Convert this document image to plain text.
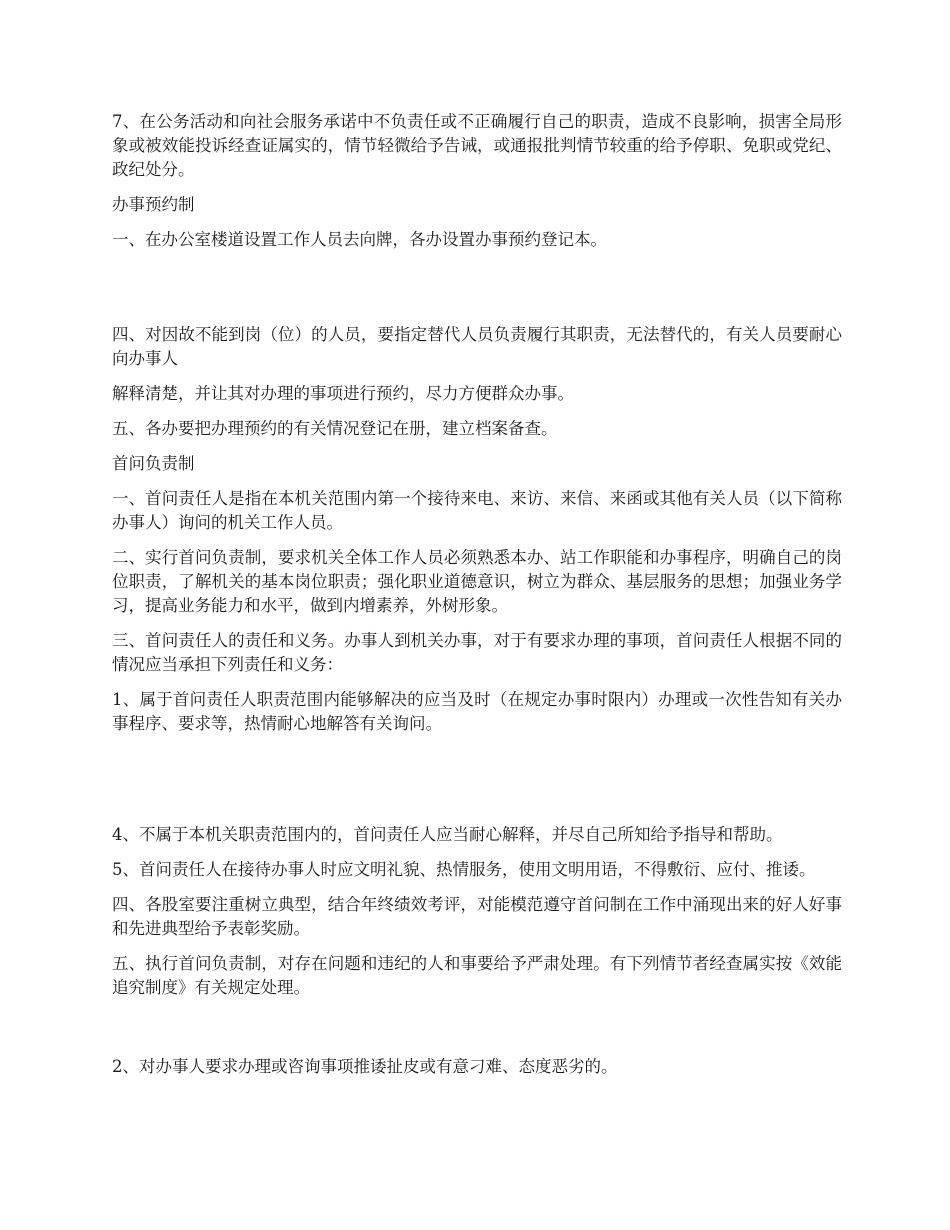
7、在公务活动和向社会服务承诺中不负责任或不正确履行自己的职责，造成不良影响，损害全局形象或被效能投诉经查证属实的，情节轻微给予告诫，或通报批判情节较重的给予停职、免职或党纪、政纪处分。

办事预约制

一、在办公室楼道设置工作人员去向牌，各办设置办事预约登记本。

四、对因故不能到岗（位）的人员，要指定替代人员负责履行其职责，无法替代的，有关人员要耐心向办事人

解释清楚，并让其对办理的事项进行预约，尽力方便群众办事。

五、各办要把办理预约的有关情况登记在册，建立档案备查。

首问负责制

一、首问责任人是指在本机关范围内第一个接待来电、来访、来信、来函或其他有关人员（以下简称办事人）询问的机关工作人员。

二、实行首问负责制，要求机关全体工作人员必须熟悉本办、站工作职能和办事程序，明确自己的岗位职责，了解机关的基本岗位职责；强化职业道德意识，树立为群众、基层服务的思想；加强业务学习，提高业务能力和水平，做到内增素养，外树形象。

三、首问责任人的责任和义务。办事人到机关办事，对于有要求办理的事项，首问责任人根据不同的情况应当承担下列责任和义务：

1、属于首问责任人职责范围内能够解决的应当及时（在规定办事时限内）办理或一次性告知有关办事程序、要求等，热情耐心地解答有关询问。

4、不属于本机关职责范围内的，首问责任人应当耐心解释，并尽自己所知给予指导和帮助。

5、首问责任人在接待办事人时应文明礼貌、热情服务，使用文明用语，不得敷衍、应付、推诿。

四、各股室要注重树立典型，结合年终绩效考评，对能模范遵守首问制在工作中涌现出来的好人好事和先进典型给予表彰奖励。

五、执行首问负责制，对存在问题和违纪的人和事要给予严肃处理。有下列情节者经查属实按《效能追究制度》有关规定处理。

2、对办事人要求办理或咨询事项推诿扯皮或有意刁难、态度恶劣的。
